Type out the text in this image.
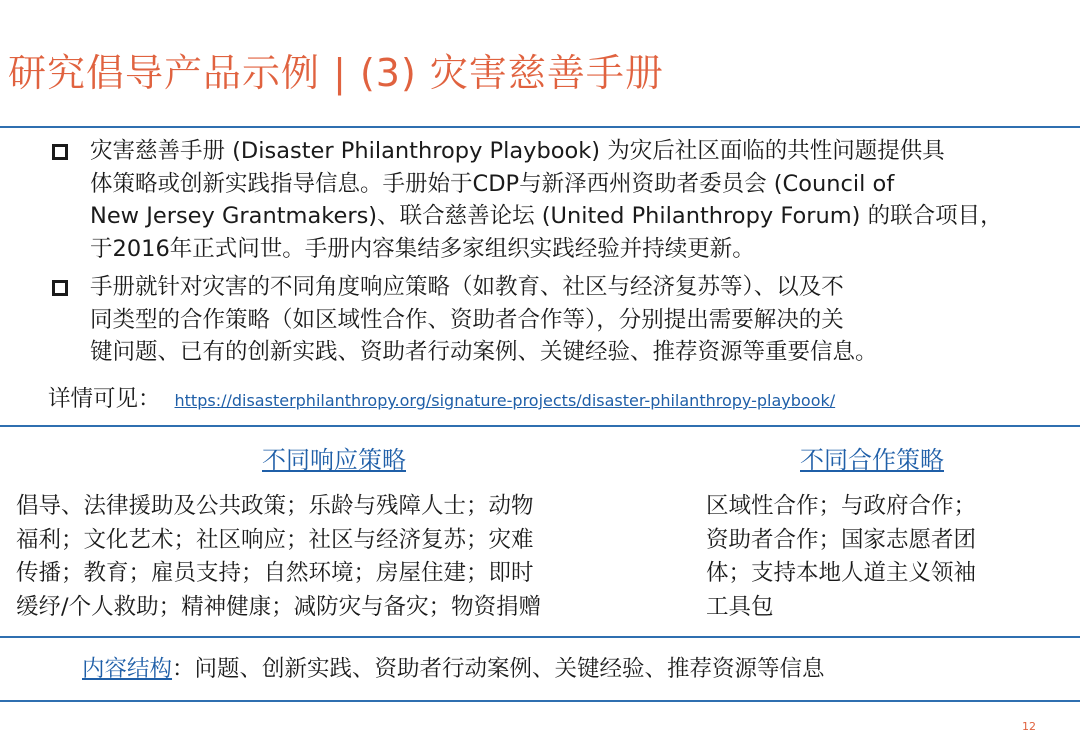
研究倡导产品示例 | (3) 灾害慈善手册
灾害慈善手册 (Disaster Philanthropy Playbook) 为灾后社区面临的共性问题提供具
体策略或创新实践指导信息。手册始于CDP与新泽西州资助者委员会 (Council of
New Jersey Grantmakers)、联合慈善论坛 (United Philanthropy Forum) 的联合项目，
于2016年正式问世。手册内容集结多家组织实践经验并持续更新。
手册就针对灾害的不同角度响应策略（如教育、社区与经济复苏等）、以及不
同类型的合作策略（如区域性合作、资助者合作等），分别提出需要解决的关
键问题、已有的创新实践、资助者行动案例、关键经验、推荐资源等重要信息。
详情可见： https://disasterphilanthropy.org/signature-projects/disaster-philanthropy-playbook/
不同响应策略	不同合作策略
倡导、法律援助及公共政策；乐龄与残障人士；动物
福利；文化艺术；社区响应；社区与经济复苏；灾难
传播；教育；雇员支持；自然环境；房屋住建；即时
缓纾/个人救助；精神健康；减防灾与备灾；物资捐赠
区域性合作；与政府合作；
资助者合作；国家志愿者团
体；支持本地人道主义领袖
工具包
内容结构：问题、创新实践、资助者行动案例、关键经验、推荐资源等信息
12
